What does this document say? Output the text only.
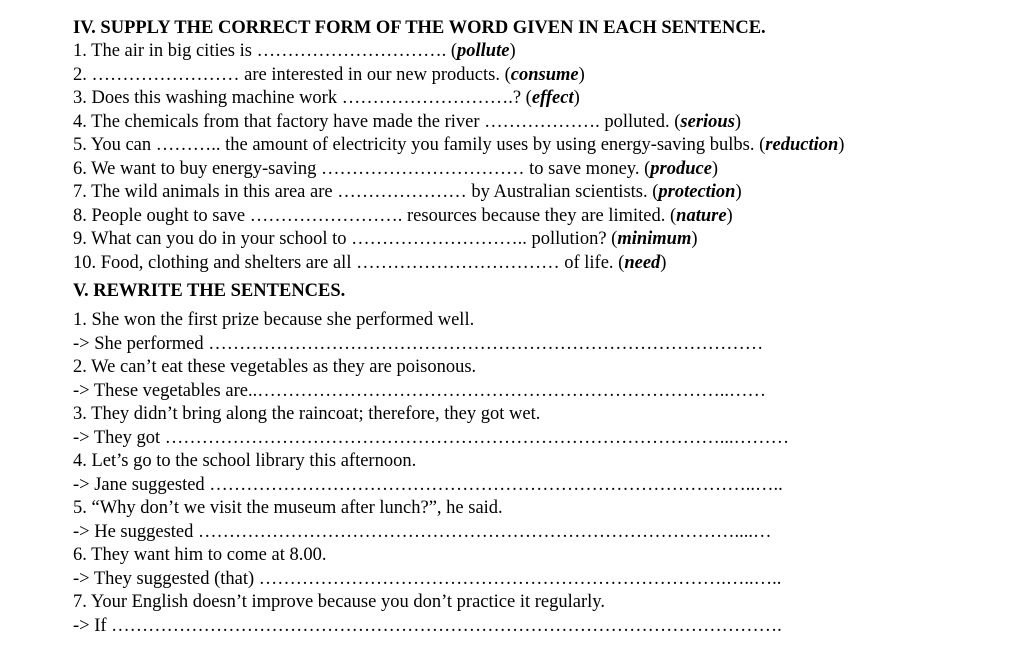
IV. SUPPLY THE CORRECT FORM OF THE WORD GIVEN IN EACH SENTENCE.
1. The air in big cities is …………………………. (pollute)
2. …………………… are interested in our new products. (consume)
3. Does this washing machine work ……………………….? (effect)
4. The chemicals from that factory have made the river ………………. polluted. (serious)
5. You can ……….. the amount of electricity you family uses by using energy-saving bulbs. (reduction)
6. We want to buy energy-saving …………………………… to save money. (produce)
7. The wild animals in this area are ………………… by Australian scientists. (protection)
8. People ought to save ……………………. resources because they are limited. (nature)
9. What can you do in your school to ……………………….. pollution? (minimum)
10. Food, clothing and shelters are all …………………………… of life. (need)
V. REWRITE THE SENTENCES.
1. She won the first prize because she performed well.
-> She performed ………………………………………………………………………………
2. We can’t eat these vegetables as they are poisonous.
-> These vegetables are..…………………………………………………………………..……
3. They didn’t bring along the raincoat; therefore, they got wet.
-> They got ………………………………………………………………………………...………
4. Let’s go to the school library this afternoon.
-> Jane suggested ……………………………………………………………………………..…..
5. “Why don’t we visit the museum after lunch?”, he said.
-> He suggested ……………………………………………………………………………....…
6. They want him to come at 8.00.
-> They suggested (that) ………………………………………………………………….…..…..
7. Your English doesn’t improve because you don’t practice it regularly.
-> If ……………………………………………………………………………………………….
